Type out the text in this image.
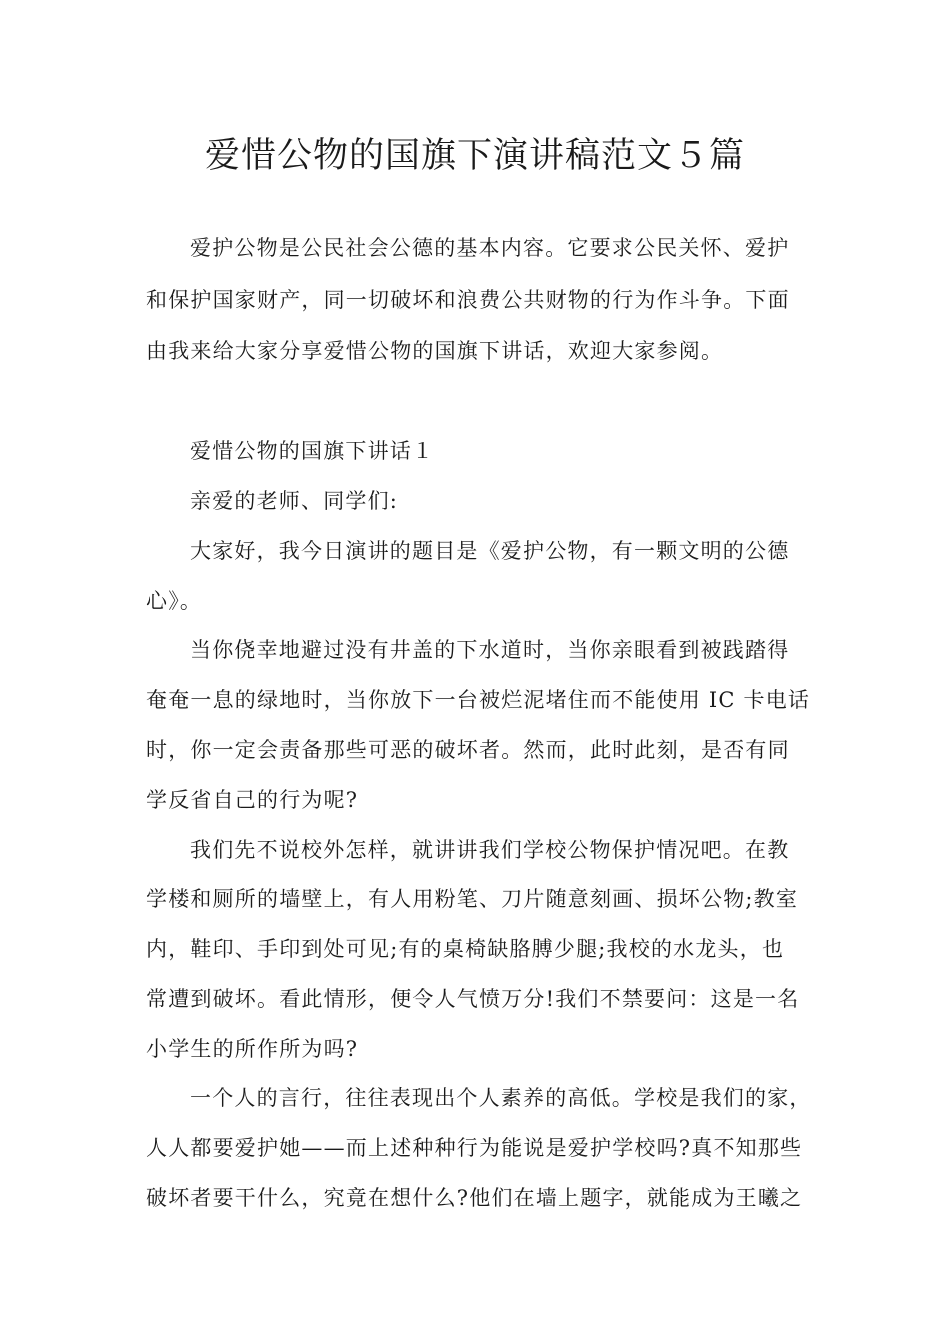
爱惜公物的国旗下演讲稿范文５篇
爱护公物是公民社会公德的基本内容。它要求公民关怀、爱护
和保护国家财产，同一切破坏和浪费公共财物的行为作斗争。下面
由我来给大家分享爱惜公物的国旗下讲话，欢迎大家参阅。
爱惜公物的国旗下讲话１
亲爱的老师、同学们:
大家好，我今日演讲的题目是《爱护公物，有一颗文明的公德
心》。
当你侥幸地避过没有井盖的下水道时，当你亲眼看到被践踏得
奄奄一息的绿地时，当你放下一台被烂泥堵住而不能使用 IC 卡电话
时，你一定会责备那些可恶的破坏者。然而，此时此刻，是否有同
学反省自己的行为呢?
我们先不说校外怎样，就讲讲我们学校公物保护情况吧。在教
学楼和厕所的墙壁上，有人用粉笔、刀片随意刻画、损坏公物;教室
内，鞋印、手印到处可见;有的桌椅缺胳膊少腿;我校的水龙头，也
常遭到破坏。看此情形，便令人气愤万分!我们不禁要问：这是一名
小学生的所作所为吗?
一个人的言行，往往表现出个人素养的高低。学校是我们的家，
人人都要爱护她——而上述种种行为能说是爱护学校吗?真不知那些
破坏者要干什么，究竟在想什么?他们在墙上题字，就能成为王曦之
